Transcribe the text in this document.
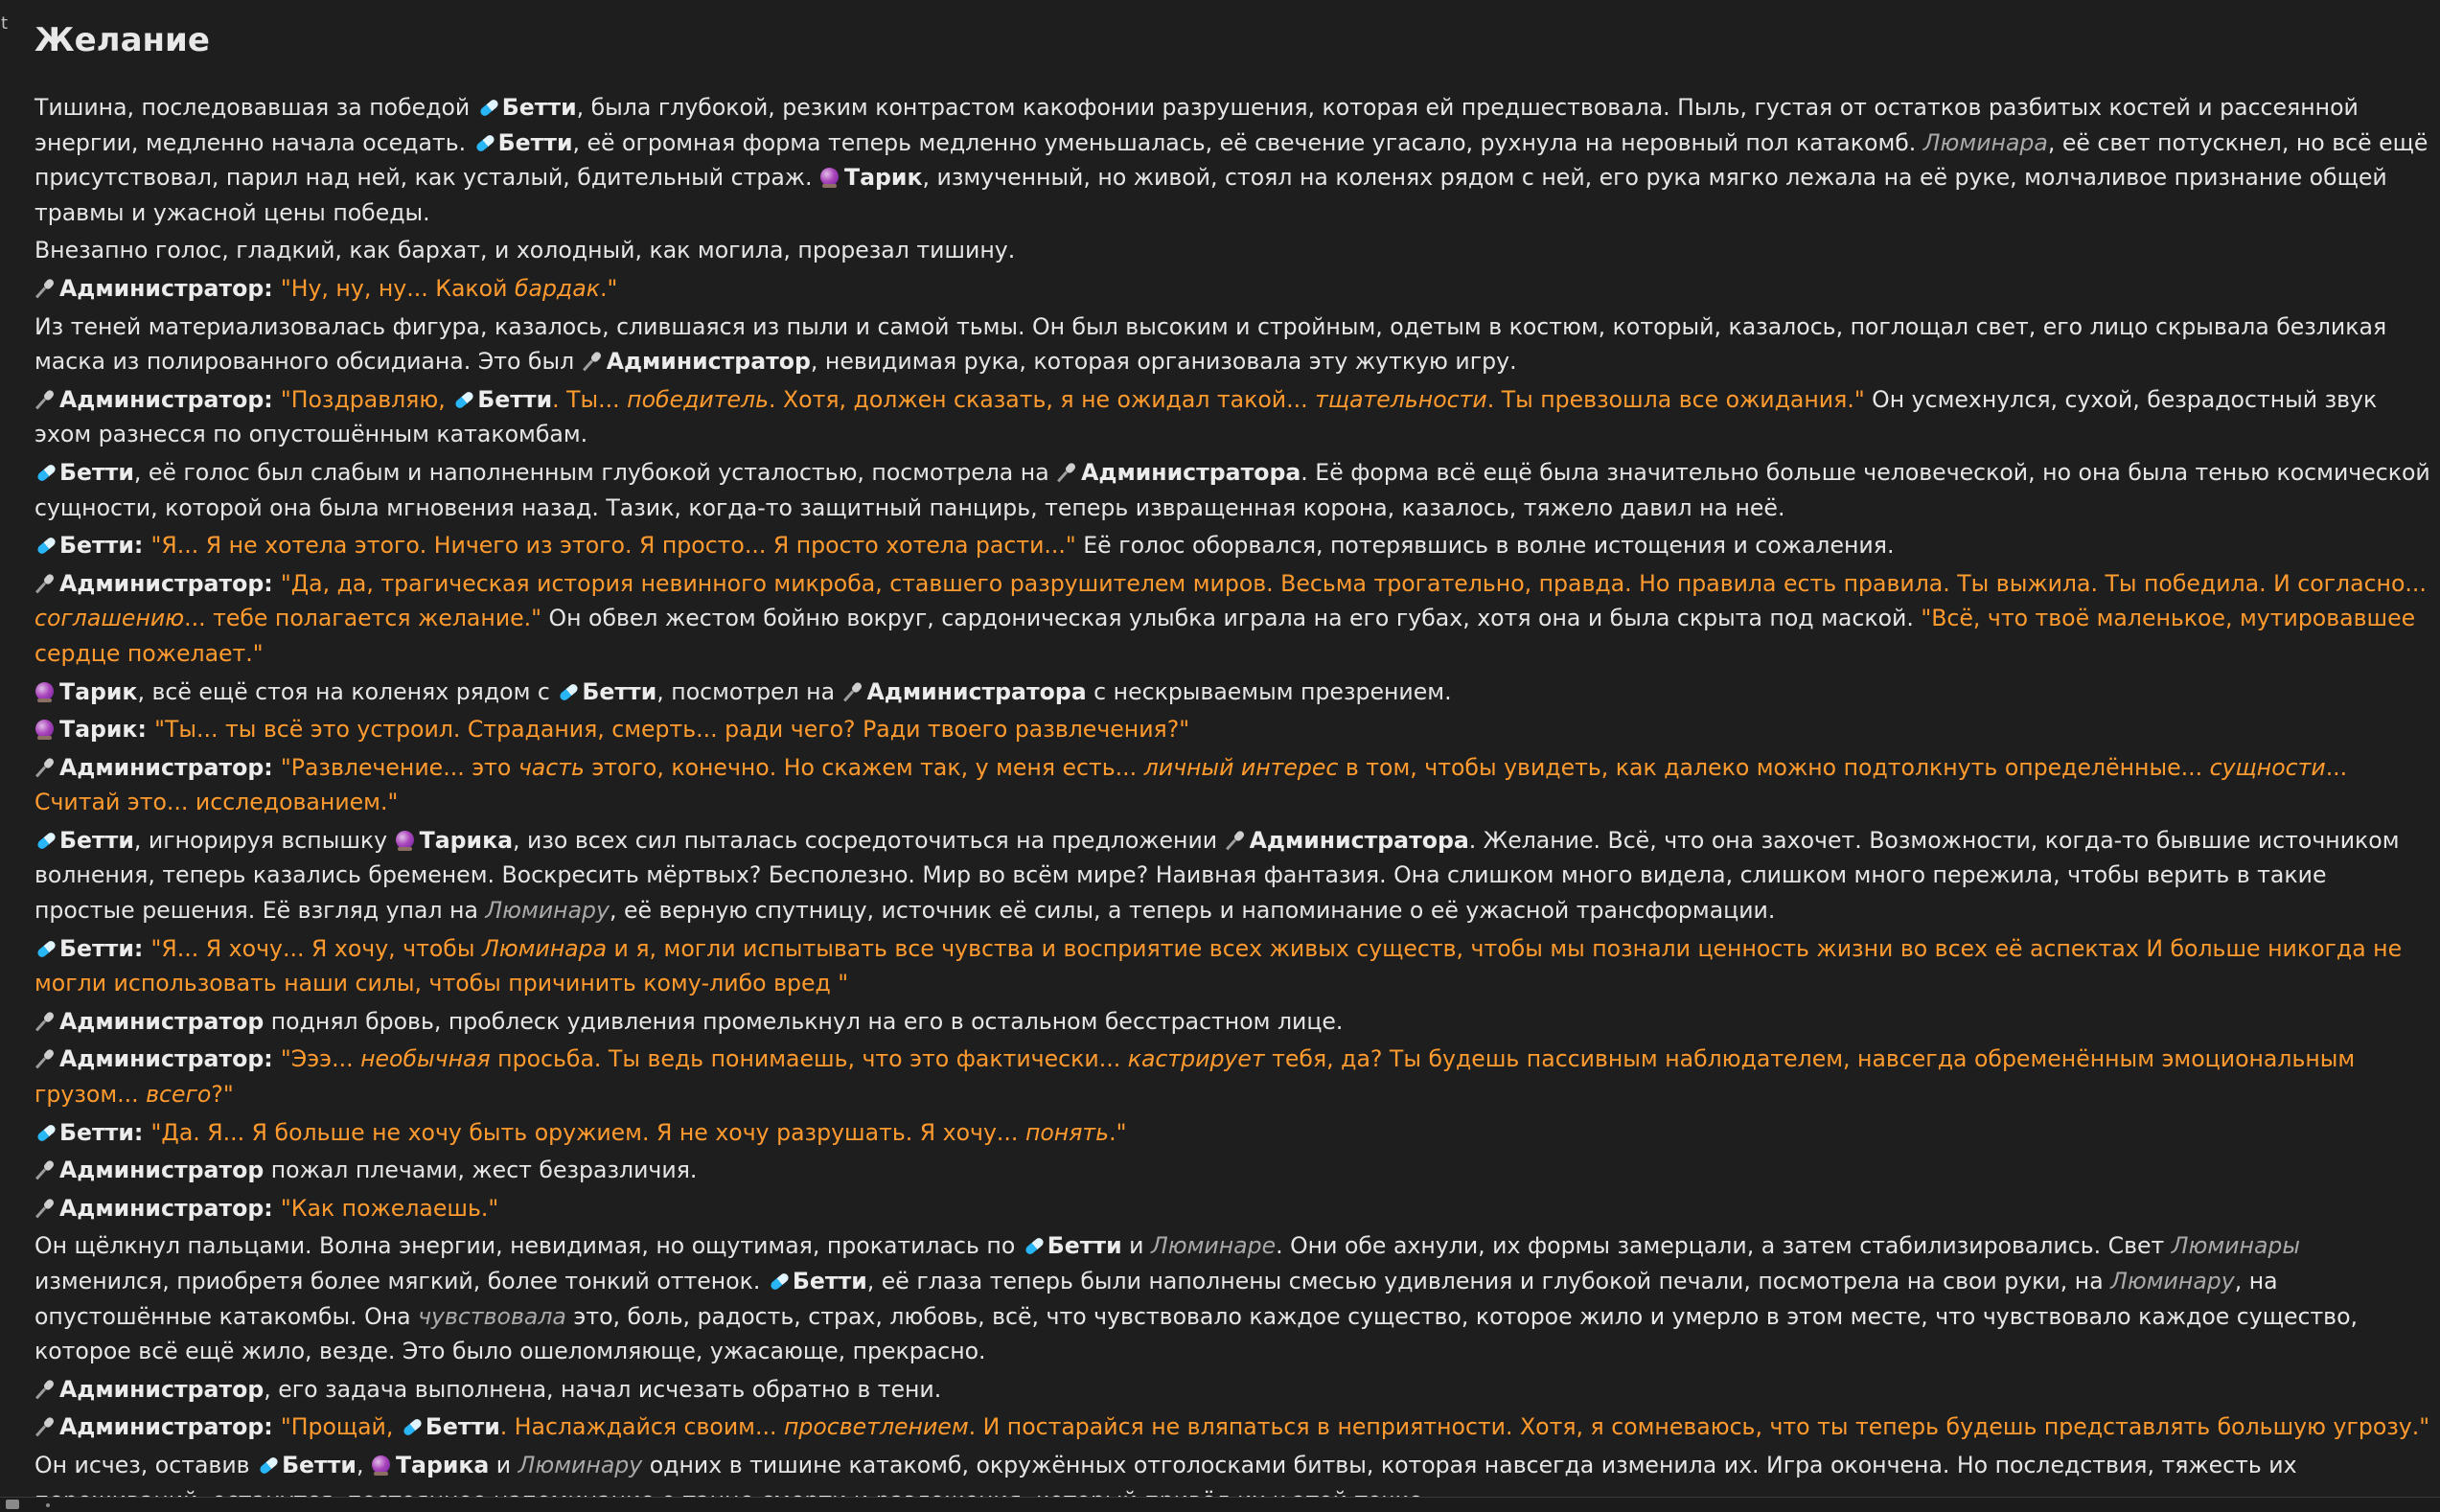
t Желание
Тишина, последовавшая за победой Бетти, была глубокой, резким контрастом какофонии разрушения, которая ей предшествовала. Пыль, густая от остатков разбитых костей и рассеянной энергии, медленно начала оседать. Бетти, её огромная форма теперь медленно уменьшалась, её свечение угасало, рухнула на неровный пол катакомб. Люминара, её свет потускнел, но всё ещё присутствовал, парил над ней, как усталый, бдительный страж. Тарик, измученный, но живой, стоял на коленях рядом с ней, его рука мягко лежала на её руке, молчаливое признание общей травмы и ужасной цены победы.
Внезапно голос, гладкий, как бархат, и холодный, как могила, прорезал тишину.
Администратор: "Ну, ну, ну... Какой бардак."
Из теней материализовалась фигура, казалось, слившаяся из пыли и самой тьмы. Он был высоким и стройным, одетым в костюм, который, казалось, поглощал свет, его лицо скрывала безликая маска из полированного обсидиана. Это был Администратор, невидимая рука, которая организовала эту жуткую игру.
Администратор: "Поздравляю, Бетти. Ты... победитель. Хотя, должен сказать, я не ожидал такой... тщательности. Ты превзошла все ожидания." Он усмехнулся, сухой, безрадостный звук эхом разнесся по опустошённым катакомбам.
Бетти, её голос был слабым и наполненным глубокой усталостью, посмотрела на Администратора. Её форма всё ещё была значительно больше человеческой, но она была тенью космической сущности, которой она была мгновения назад. Тазик, когда-то защитный панцирь, теперь извращенная корона, казалось, тяжело давил на неё.
Бетти: "Я... Я не хотела этого. Ничего из этого. Я просто... Я просто хотела расти..." Её голос оборвался, потерявшись в волне истощения и сожаления.
Администратор: "Да, да, трагическая история невинного микроба, ставшего разрушителем миров. Весьма трогательно, правда. Но правила есть правила. Ты выжила. Ты победила. И согласно... соглашению... тебе полагается желание." Он обвел жестом бойню вокруг, сардоническая улыбка играла на его губах, хотя она и была скрыта под маской. "Всё, что твоё маленькое, мутировавшее сердце пожелает."
Тарик, всё ещё стоя на коленях рядом с Бетти, посмотрел на Администратора с нескрываемым презрением.
Тарик: "Ты... ты всё это устроил. Страдания, смерть... ради чего? Ради твоего развлечения?"
Администратор: "Развлечение... это часть этого, конечно. Но скажем так, у меня есть... личный интерес в том, чтобы увидеть, как далеко можно подтолкнуть определённые... сущности... Считай это... исследованием."
Бетти, игнорируя вспышку Тарика, изо всех сил пыталась сосредоточиться на предложении Администратора. Желание. Всё, что она захочет. Возможности, когда-то бывшие источником волнения, теперь казались бременем. Воскресить мёртвых? Бесполезно. Мир во всём мире? Наивная фантазия. Она слишком много видела, слишком много пережила, чтобы верить в такие простые решения. Её взгляд упал на Люминару, её верную спутницу, источник её силы, а теперь и напоминание о её ужасной трансформации.
Бетти: "Я... Я хочу... Я хочу, чтобы Люминара и я, могли испытывать все чувства и восприятие всех живых существ, чтобы мы познали ценность жизни во всех её аспектах И больше никогда не могли использовать наши силы, чтобы причинить кому-либо вред "
Администратор поднял бровь, проблеск удивления промелькнул на его в остальном бесстрастном лице.
Администратор: "Эээ... необычная просьба. Ты ведь понимаешь, что это фактически... кастрирует тебя, да? Ты будешь пассивным наблюдателем, навсегда обременённым эмоциональным грузом... всего?"
Бетти: "Да. Я... Я больше не хочу быть оружием. Я не хочу разрушать. Я хочу... понять."
Администратор пожал плечами, жест безразличия.
Администратор: "Как пожелаешь."
Он щёлкнул пальцами. Волна энергии, невидимая, но ощутимая, прокатилась по Бетти и Люминаре. Они обе ахнули, их формы замерцали, а затем стабилизировались. Свет Люминары изменился, приобретя более мягкий, более тонкий оттенок. Бетти, её глаза теперь были наполнены смесью удивления и глубокой печали, посмотрела на свои руки, на Люминару, на опустошённые катакомбы. Она чувствовала это, боль, радость, страх, любовь, всё, что чувствовало каждое существо, которое жило и умерло в этом месте, что чувствовало каждое существо, которое всё ещё жило, везде. Это было ошеломляюще, ужасающе, прекрасно.
Администратор, его задача выполнена, начал исчезать обратно в тени.
Администратор: "Прощай, Бетти. Наслаждайся своим... просветлением. И постарайся не вляпаться в неприятности. Хотя, я сомневаюсь, что ты теперь будешь представлять большую угрозу."
Он исчез, оставив Бетти, Тарика и Люминару одних в тишине катакомб, окружённых отголосками битвы, которая навсегда изменила их. Игра окончена. Но последствия, тяжесть их
